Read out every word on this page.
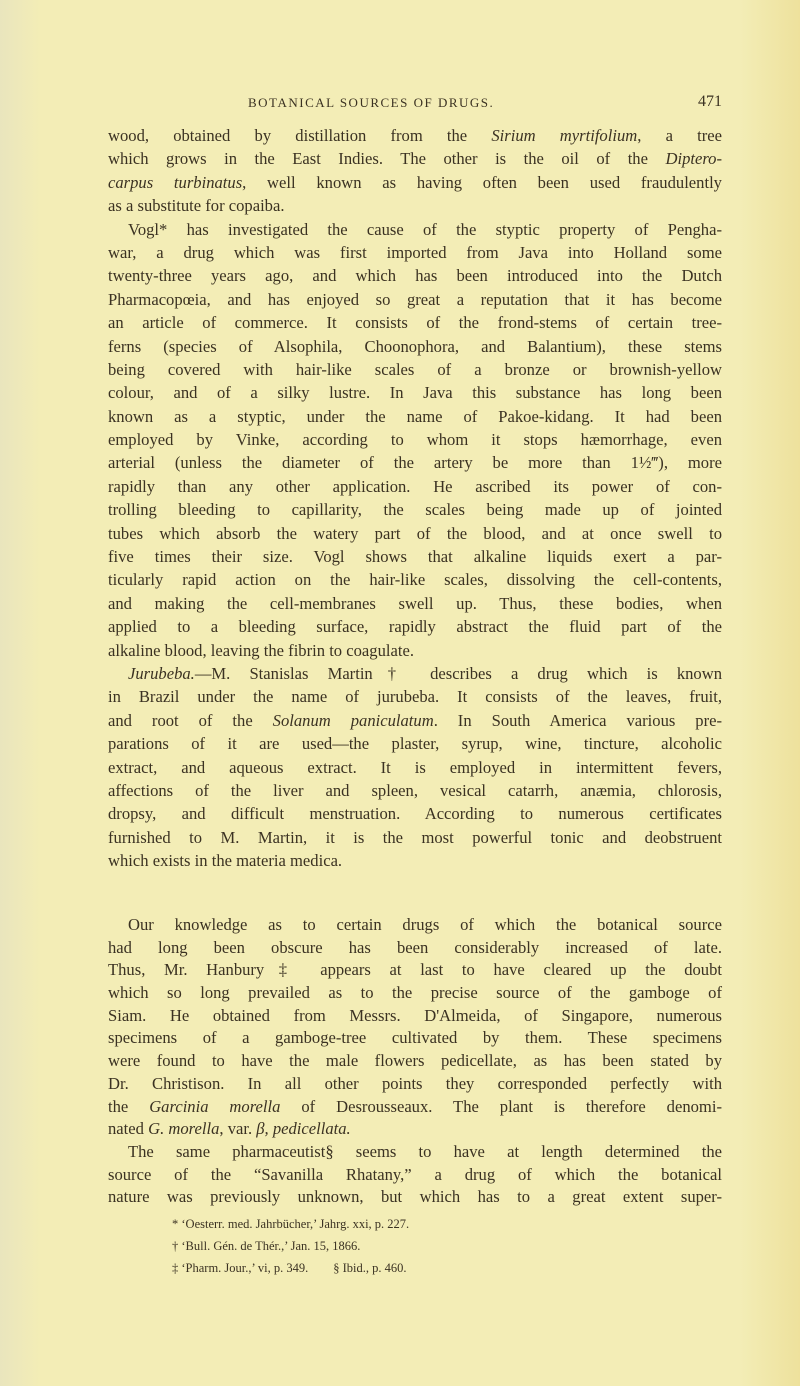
BOTANICAL SOURCES OF DRUGS.	471
wood, obtained by distillation from the Sirium myrtifolium, a tree
which grows in the East Indies. The other is the oil of the Diptero-
carpus turbinatus, well known as having often been used fraudulently
as a substitute for copaiba.
Vogl* has investigated the cause of the styptic property of Pengha-
war, a drug which was first imported from Java into Holland some
twenty-three years ago, and which has been introduced into the Dutch
Pharmacopœia, and has enjoyed so great a reputation that it has become
an article of commerce. It consists of the frond-stems of certain tree-
ferns (species of Alsophila, Choonophora, and Balantium), these stems
being covered with hair-like scales of a bronze or brownish-yellow
colour, and of a silky lustre. In Java this substance has long been
known as a styptic, under the name of Pakoe-kidang. It had been
employed by Vinke, according to whom it stops hæmorrhage, even
arterial (unless the diameter of the artery be more than 1½‴), more
rapidly than any other application. He ascribed its power of con-
trolling bleeding to capillarity, the scales being made up of jointed
tubes which absorb the watery part of the blood, and at once swell to
five times their size. Vogl shows that alkaline liquids exert a par-
ticularly rapid action on the hair-like scales, dissolving the cell-contents,
and making the cell-membranes swell up. Thus, these bodies, when
applied to a bleeding surface, rapidly abstract the fluid part of the
alkaline blood, leaving the fibrin to coagulate.
Jurubeba.—M. Stanislas Martin† describes a drug which is known
in Brazil under the name of jurubeba. It consists of the leaves, fruit,
and root of the Solanum paniculatum. In South America various pre-
parations of it are used—the plaster, syrup, wine, tincture, alcoholic
extract, and aqueous extract. It is employed in intermittent fevers,
affections of the liver and spleen, vesical catarrh, anæmia, chlorosis,
dropsy, and difficult menstruation. According to numerous certificates
furnished to M. Martin, it is the most powerful tonic and deobstruent
which exists in the materia medica.
Our knowledge as to certain drugs of which the botanical source
had long been obscure has been considerably increased of late.
Thus, Mr. Hanbury‡ appears at last to have cleared up the doubt
which so long prevailed as to the precise source of the gamboge of
Siam. He obtained from Messrs. D'Almeida, of Singapore, numerous
specimens of a gamboge-tree cultivated by them. These specimens
were found to have the male flowers pedicellate, as has been stated by
Dr. Christison. In all other points they corresponded perfectly with
the Garcinia morella of Desrousseaux. The plant is therefore denomi-
nated G. morella, var. β, pedicellata.
The same pharmaceutist§ seems to have at length determined the
source of the “Savanilla Rhatany,” a drug of which the botanical
nature was previously unknown, but which has to a great extent super-
* ‘Oesterr. med. Jahrbücher,’ Jahrg. xxi, p. 227.
† ‘Bull. Gén. de Thér.,’ Jan. 15, 1866.
‡ ‘Pharm. Jour.,’ vi, p. 349.        § Ibid., p. 460.
